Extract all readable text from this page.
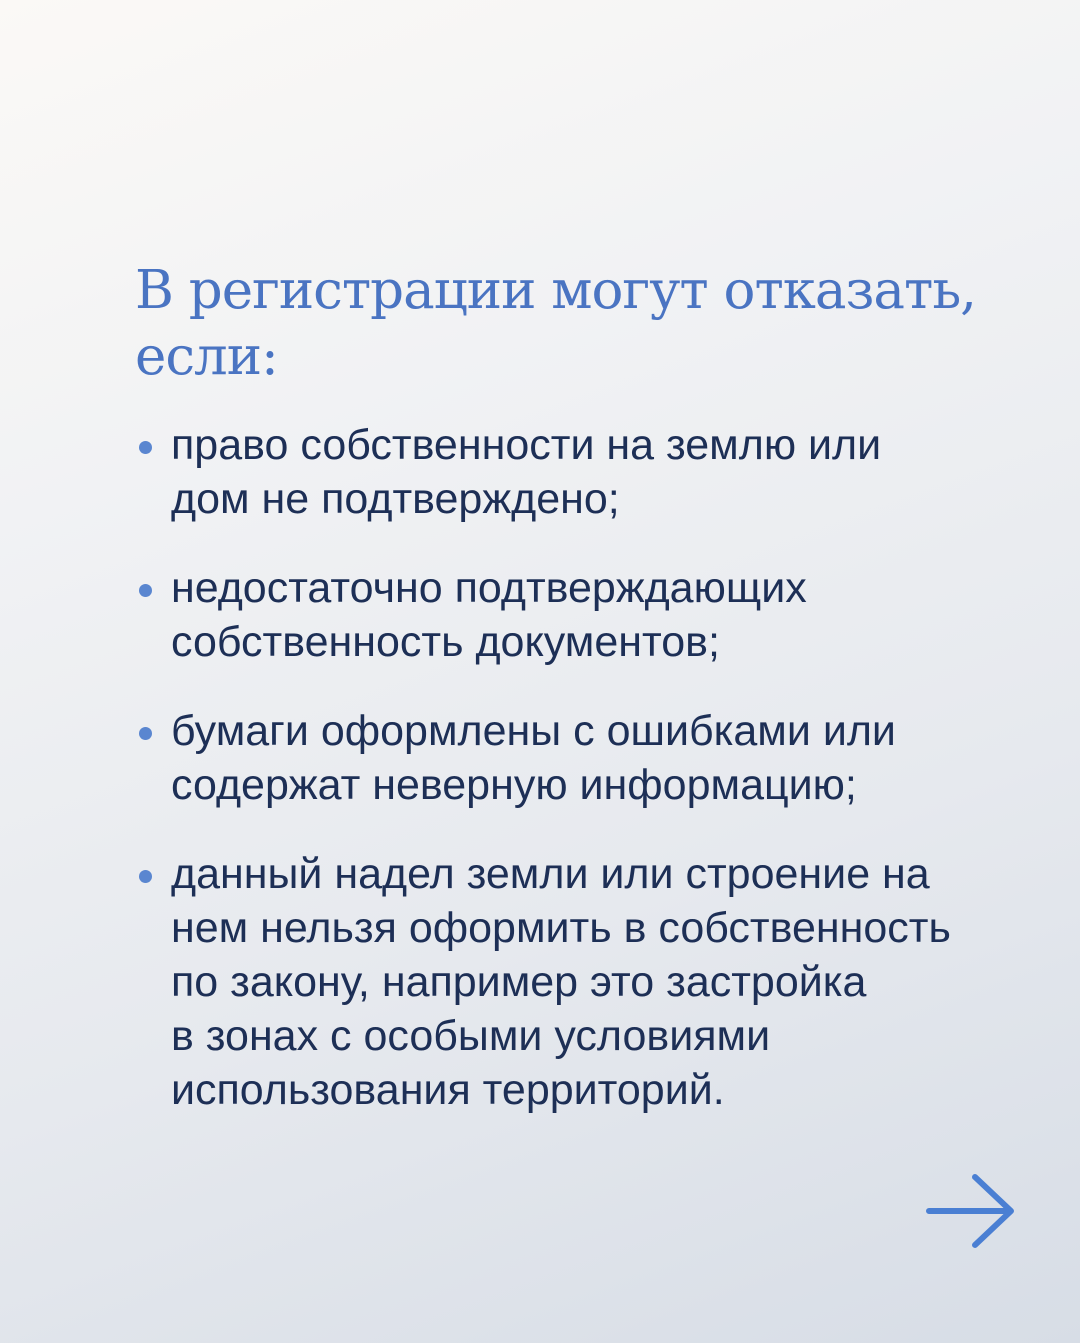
В регистрации могут отказать,
если:
право собственности на землю или
дом не подтверждено;
недостаточно подтверждающих
собственность документов;
бумаги оформлены с ошибками или
содержат неверную информацию;
данный надел земли или строение на
нем нельзя оформить в собственность
по закону, например это застройка
в зонах с особыми условиями
использования территорий.
